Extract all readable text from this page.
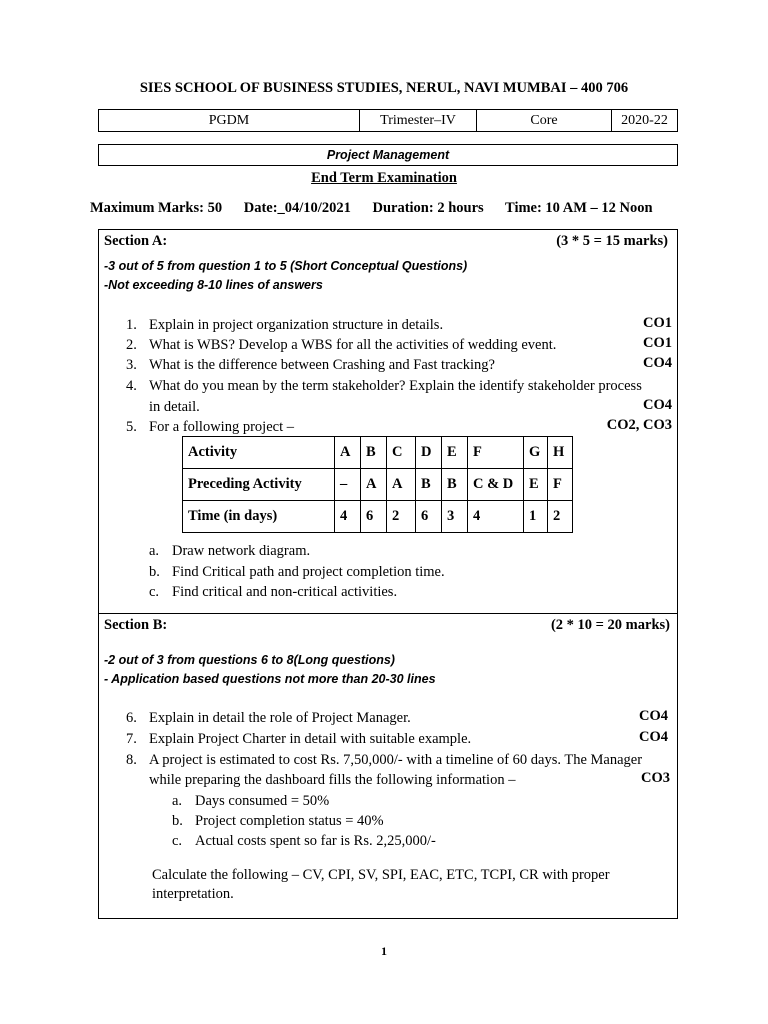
SIES SCHOOL OF BUSINESS STUDIES, NERUL, NAVI MUMBAI – 400 706
PGDM	Trimester–IV	Core	2020-22
Project Management
End Term Examination
Maximum Marks: 50 Date:_04/10/2021 Duration: 2 hours Time: 10 AM – 12 Noon
Section A:	(3 * 5 = 15 marks)
-3 out of 5 from question 1 to 5 (Short Conceptual Questions)
-Not exceeding 8-10 lines of answers
1. Explain in project organization structure in details.	CO1
2. What is WBS? Develop a WBS for all the activities of wedding event.	CO1
3. What is the difference between Crashing and Fast tracking?	CO4
4. What do you mean by the term stakeholder? Explain the identify stakeholder process
in detail.	CO4
5. For a following project –	CO2, CO3
Activity	A	B	C	D	E	F	G	H
Preceding Activity	–	A	A	B	B	C & D	E	F
Time (in days)	4	6	2	6	3	4	1	2
a. Draw network diagram.
b. Find Critical path and project completion time.
c. Find critical and non-critical activities.
Section B:	(2 * 10 = 20 marks)
-2 out of 3 from questions 6 to 8(Long questions)
- Application based questions not more than 20-30 lines
6. Explain in detail the role of Project Manager.	CO4
7. Explain Project Charter in detail with suitable example.	CO4
8. A project is estimated to cost Rs. 7,50,000/- with a timeline of 60 days. The Manager
while preparing the dashboard fills the following information –	CO3
a. Days consumed = 50%
b. Project completion status = 40%
c. Actual costs spent so far is Rs. 2,25,000/-
Calculate the following – CV, CPI, SV, SPI, EAC, ETC, TCPI, CR with proper
interpretation.
1
